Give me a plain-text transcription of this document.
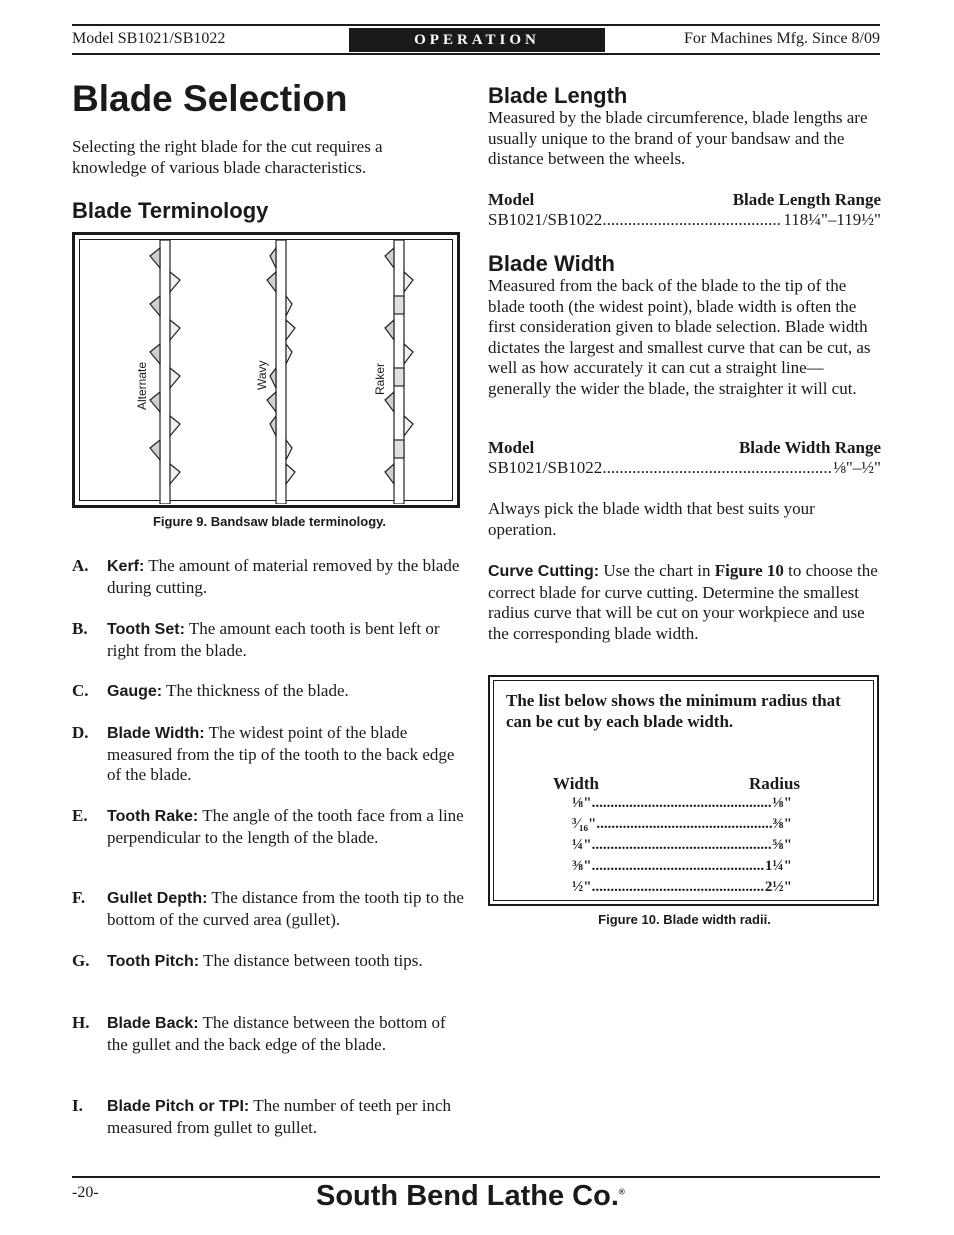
Model SB1021/SB1022	OPERATION	For Machines Mfg. Since 8/09
Blade Selection

Selecting the right blade for the cut requires a knowledge of various blade characteristics.

Blade Terminology
Alternate	Wavy	Raker
Figure 9. Bandsaw blade terminology.
A. Kerf: The amount of material removed by the blade during cutting.
B. Tooth Set: The amount each tooth is bent left or right from the blade.
C. Gauge: The thickness of the blade.
D. Blade Width: The widest point of the blade measured from the tip of the tooth to the back edge of the blade.
E. Tooth Rake: The angle of the tooth face from a line perpendicular to the length of the blade.
F. Gullet Depth: The distance from the tooth tip to the bottom of the curved area (gullet).
G. Tooth Pitch: The distance between tooth tips.
H. Blade Back: The distance between the bottom of the gullet and the back edge of the blade.
I. Blade Pitch or TPI: The number of teeth per inch measured from gullet to gullet.
Blade Length

Measured by the blade circumference, blade lengths are usually unique to the brand of your bandsaw and the distance between the wheels.

Model	Blade Length Range
SB1021/SB1022 .....	118¼"–119½"
Blade Width

Measured from the back of the blade to the tip of the blade tooth (the widest point), blade width is often the first consideration given to blade selection. Blade width dictates the largest and smallest curve that can be cut, as well as how accurately it can cut a straight line—generally the wider the blade, the straighter it will cut.

Model	Blade Width Range
SB1021/SB1022 .....	⅛"–½"

Always pick the blade width that best suits your operation.

Curve Cutting: Use the chart in Figure 10 to choose the correct blade for curve cutting. Determine the smallest radius curve that will be cut on your workpiece and use the corresponding blade width.

The list below shows the minimum radius that can be cut by each blade width.
Width	Radius
⅛" .....	⅛"
³⁄₁₆" .....	⅜"
¼" .....	⅝"
⅜" .....	1¼"
½" .....	2½"
Figure 10. Blade width radii.
-20-	South Bend Lathe Co.®
